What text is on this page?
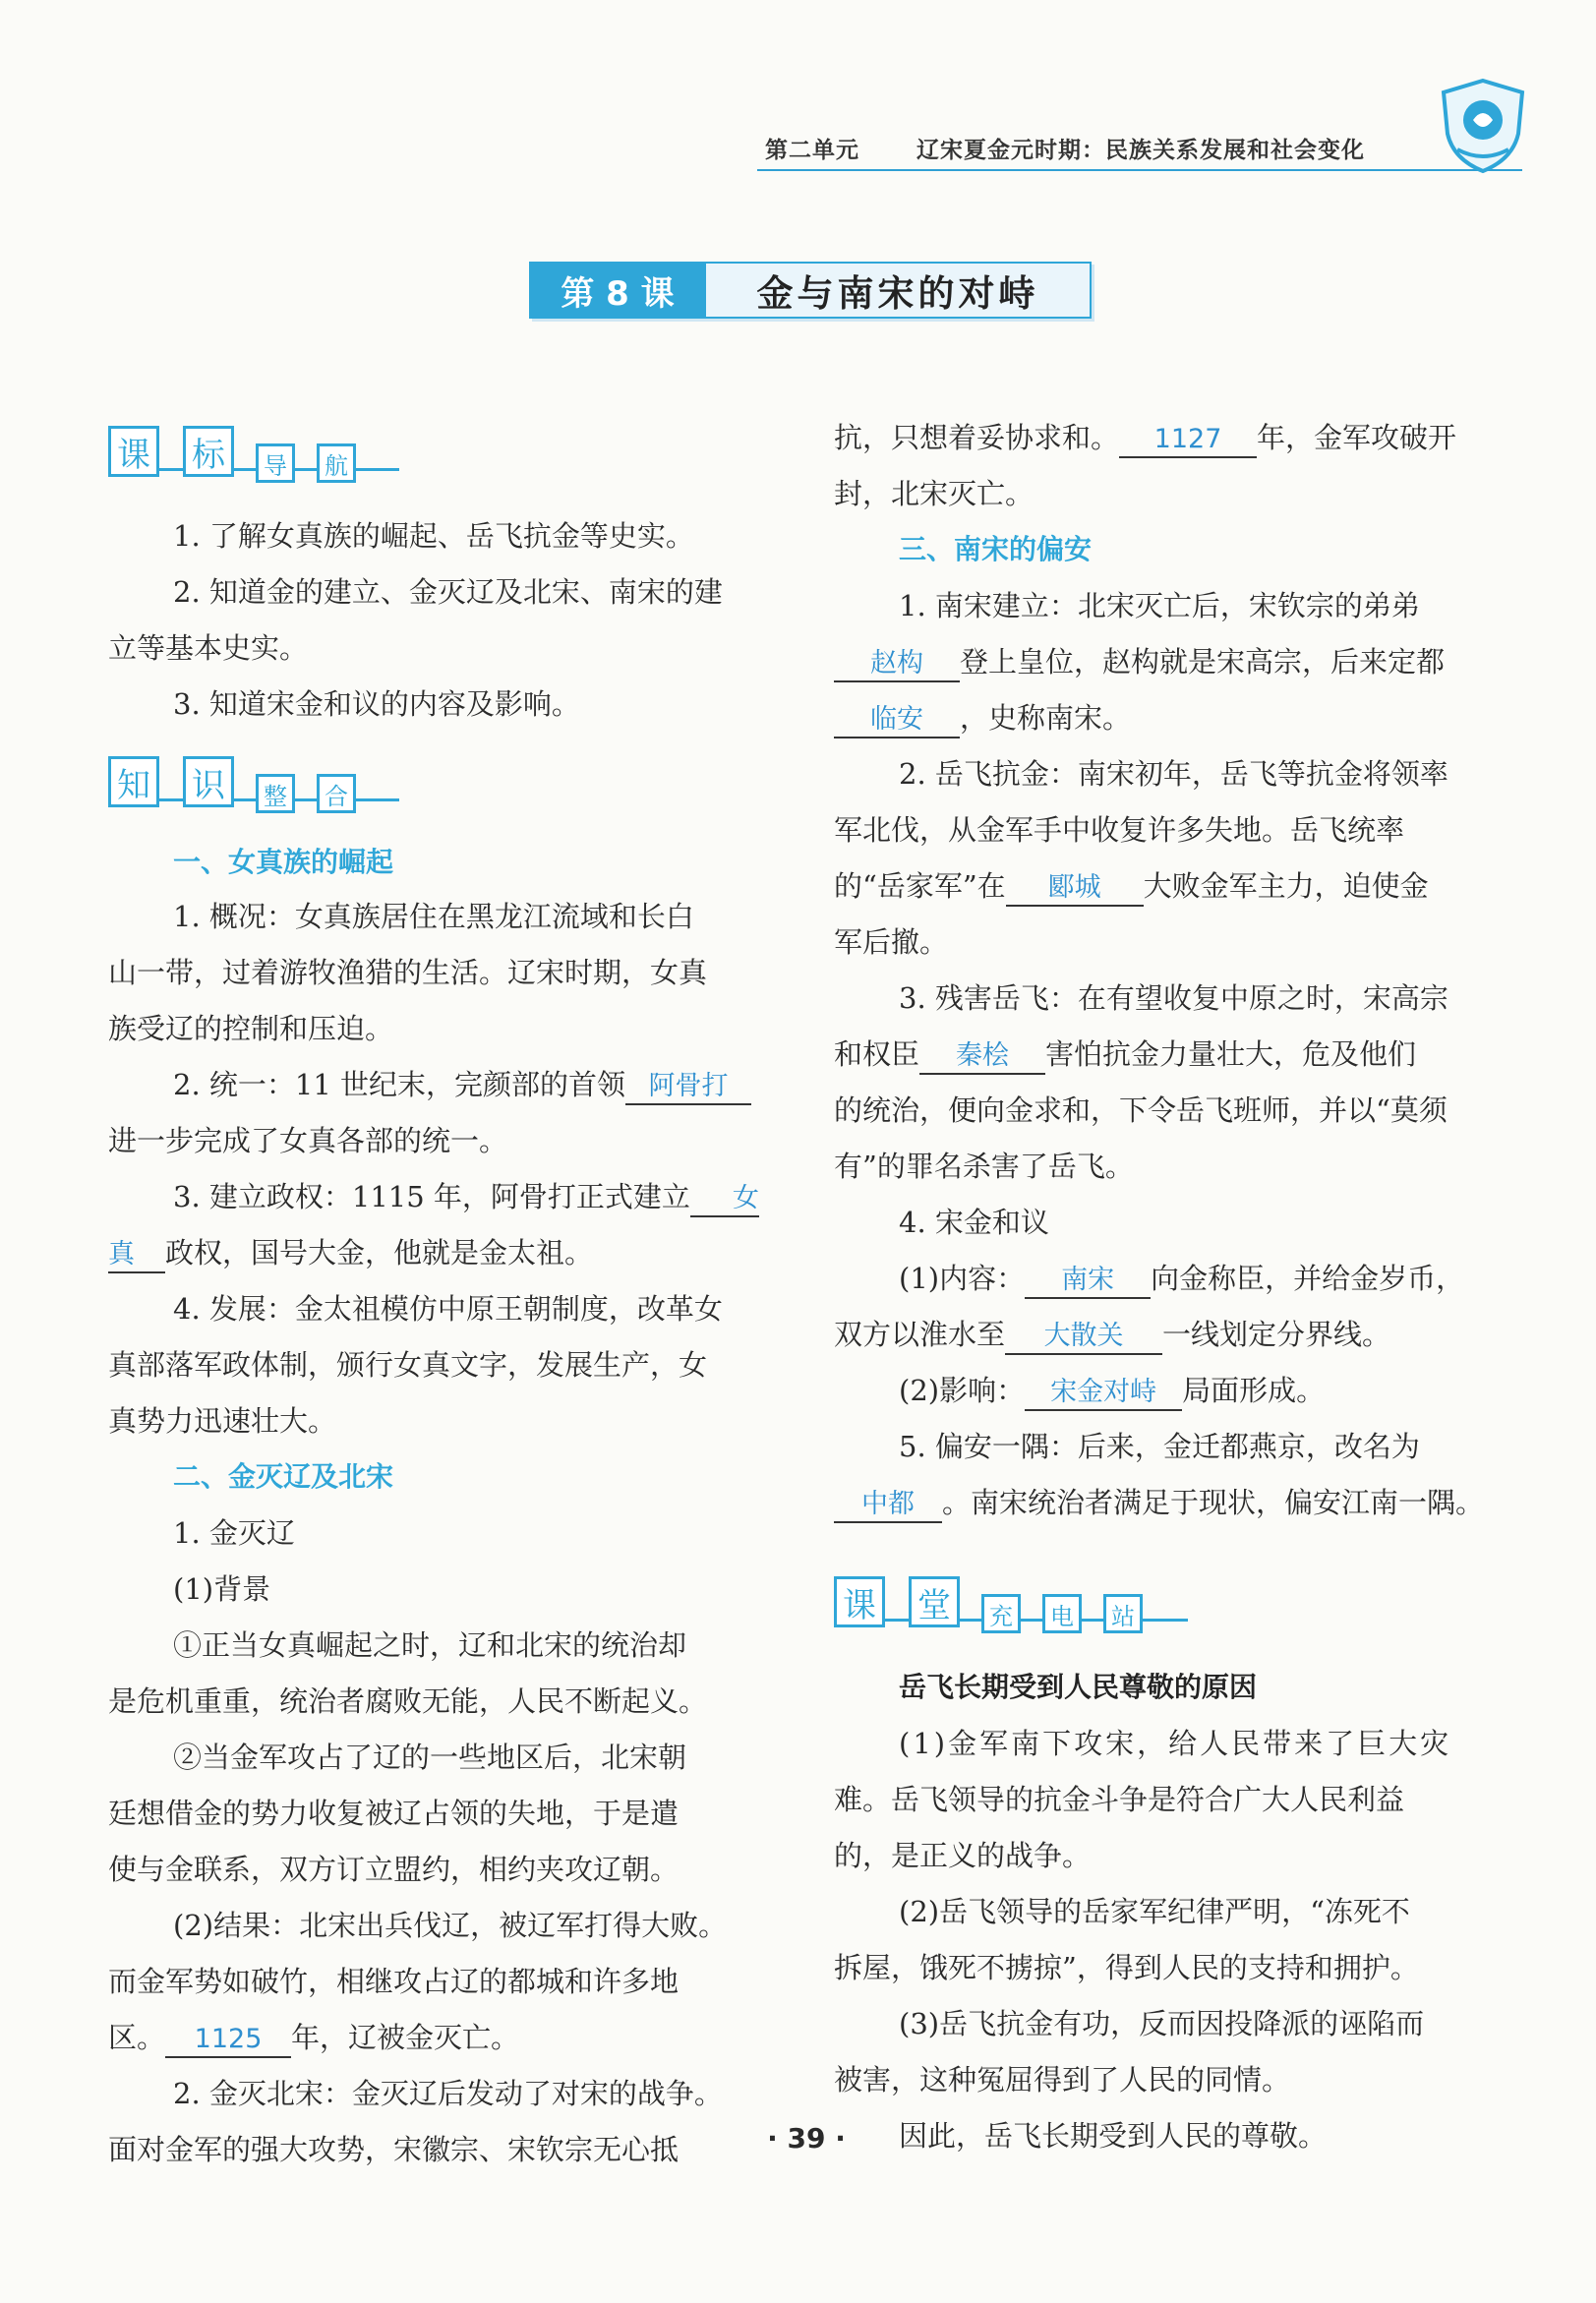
第二单元	辽宋夏金元时期：民族关系发展和社会变化
第 8 课	金与南宋的对峙
课 标	导	航
1. 了解女真族的崛起、岳飞抗金等史实。
2. 知道金的建立、金灭辽及北宋、南宋的建
立等基本史实。
3. 知道宋金和议的内容及影响。
知 识	整	合
一、女真族的崛起
1. 概况：女真族居住在黑龙江流域和长白
山一带，过着游牧渔猎的生活。辽宋时期，女真
族受辽的控制和压迫。
2. 统一：11 世纪末，完颜部的首领 阿骨打
进一步完成了女真各部的统一。
3. 建立政权：1115 年，阿骨打正式建立 女
真 政权，国号大金，他就是金太祖。
4. 发展：金太祖模仿中原王朝制度，改革女
真部落军政体制，颁行女真文字，发展生产，女
真势力迅速壮大。
二、金灭辽及北宋
1. 金灭辽
(1)背景
①正当女真崛起之时，辽和北宋的统治却
是危机重重，统治者腐败无能，人民不断起义。
②当金军攻占了辽的一些地区后，北宋朝
廷想借金的势力收复被辽占领的失地，于是遣
使与金联系，双方订立盟约，相约夹攻辽朝。
(2)结果：北宋出兵伐辽，被辽军打得大败。
而金军势如破竹，相继攻占辽的都城和许多地
区。 1125 年，辽被金灭亡。
2. 金灭北宋：金灭辽后发动了对宋的战争。
面对金军的强大攻势，宋徽宗、宋钦宗无心抵
抗，只想着妥协求和。 1127 年，金军攻破开
封，北宋灭亡。
三、南宋的偏安
1. 南宋建立：北宋灭亡后，宋钦宗的弟弟
赵构 登上皇位，赵构就是宋高宗，后来定都
临安 ，史称南宋。
2. 岳飞抗金：南宋初年，岳飞等抗金将领率
军北伐，从金军手中收复许多失地。岳飞统率
的“岳家军”在 郾城 大败金军主力，迫使金
军后撤。
3. 残害岳飞：在有望收复中原之时，宋高宗
和权臣 秦桧 害怕抗金力量壮大，危及他们
的统治，便向金求和，下令岳飞班师，并以“莫须
有”的罪名杀害了岳飞。
4. 宋金和议
(1)内容： 南宋 向金称臣，并给金岁币，
双方以淮水至 大散关 一线划定分界线。
(2)影响： 宋金对峙 局面形成。
5. 偏安一隅：后来，金迁都燕京，改名为
中都 。南宋统治者满足于现状，偏安江南一隅。
课 堂	充	电	站
岳飞长期受到人民尊敬的原因
(1)金军南下攻宋，给人民带来了巨大灾
难。岳飞领导的抗金斗争是符合广大人民利益
的，是正义的战争。
(2)岳飞领导的岳家军纪律严明，“冻死不
拆屋，饿死不掳掠”，得到人民的支持和拥护。
(3)岳飞抗金有功，反而因投降派的诬陷而
被害，这种冤屈得到了人民的同情。
因此，岳飞长期受到人民的尊敬。
· 39 ·
